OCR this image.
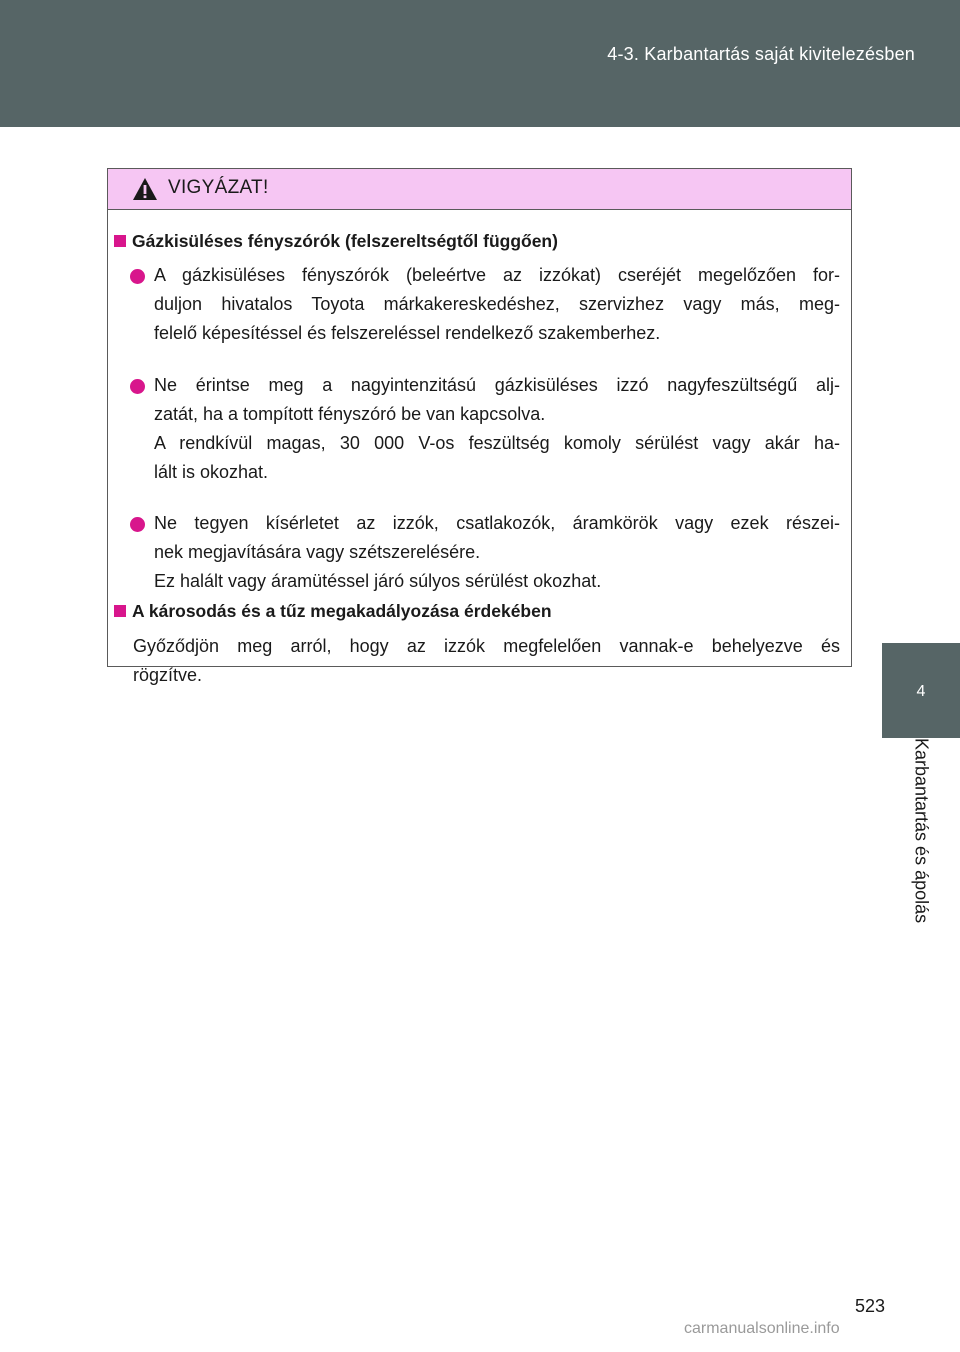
4-3. Karbantartás saját kivitelezésben
4
Karbantartás és ápolás
VIGYÁZAT!
Gázkisüléses fényszórók (felszereltségtől függően)

A gázkisüléses fényszórók (beleértve az izzókat) cseréjét megelőzően for-

duljon hivatalos Toyota márkakereskedéshez, szervizhez vagy más, meg-

felelő képesítéssel és felszereléssel rendelkező szakemberhez.

Ne érintse meg a nagyintenzitású gázkisüléses izzó nagyfeszültségű alj-

zatát, ha a tompított fényszóró be van kapcsolva.

A rendkívül magas, 30 000 V-os feszültség komoly sérülést vagy akár ha-

lált is okozhat.

Ne tegyen kísérletet az izzók, csatlakozók, áramkörök vagy ezek részei-

nek megjavítására vagy szétszerelésére.

Ez halált vagy áramütéssel járó súlyos sérülést okozhat.

A károsodás és a tűz megakadályozása érdekében

Győződjön meg arról, hogy az izzók megfelelően vannak-e behelyezve és

rögzítve.

523
carmanualsonline.info
